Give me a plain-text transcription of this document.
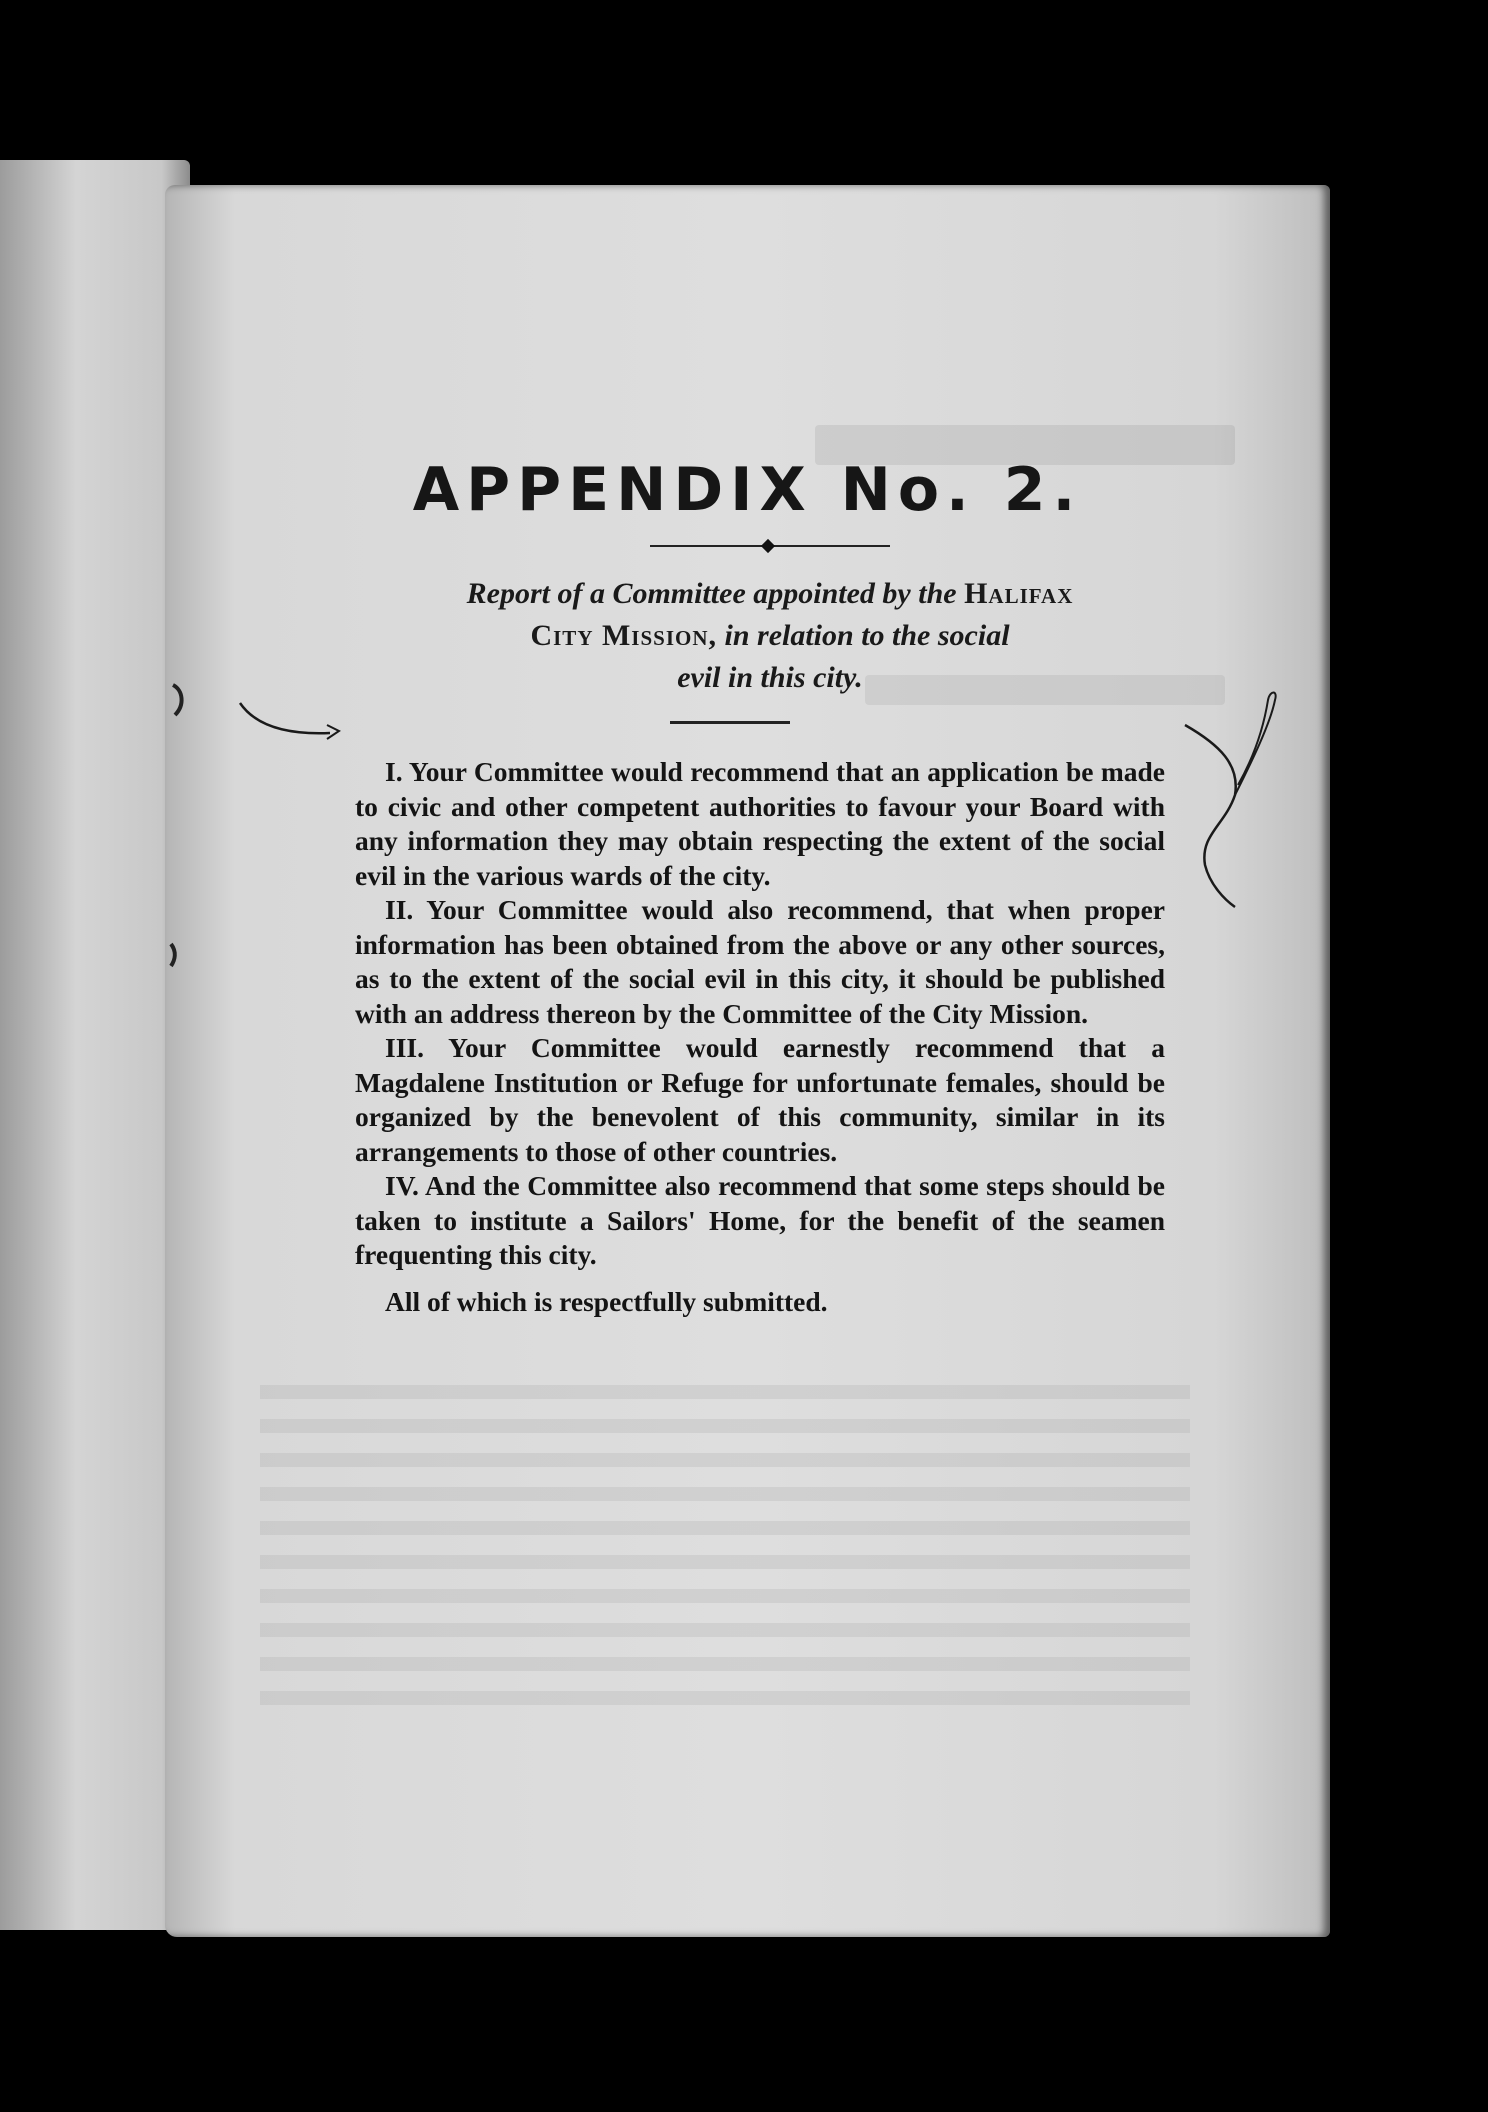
APPENDIX No. 2.
Report of a Committee appointed by the Halifax
City Mission, in relation to the social
evil in this city.

I. Your Committee would recommend that an application be made to civic and other competent authorities to favour your Board with any information they may obtain respecting the extent of the social evil in the various wards of the city.

II. Your Committee would also recommend, that when proper information has been obtained from the above or any other sources, as to the extent of the social evil in this city, it should be published with an address thereon by the Committee of the City Mission.

III. Your Committee would earnestly recommend that a Magdalene Institution or Refuge for unfortunate females, should be organized by the benevolent of this community, similar in its arrangements to those of other countries.

IV. And the Committee also recommend that some steps should be taken to institute a Sailors' Home, for the benefit of the seamen frequenting this city.

All of which is respectfully submitted.
